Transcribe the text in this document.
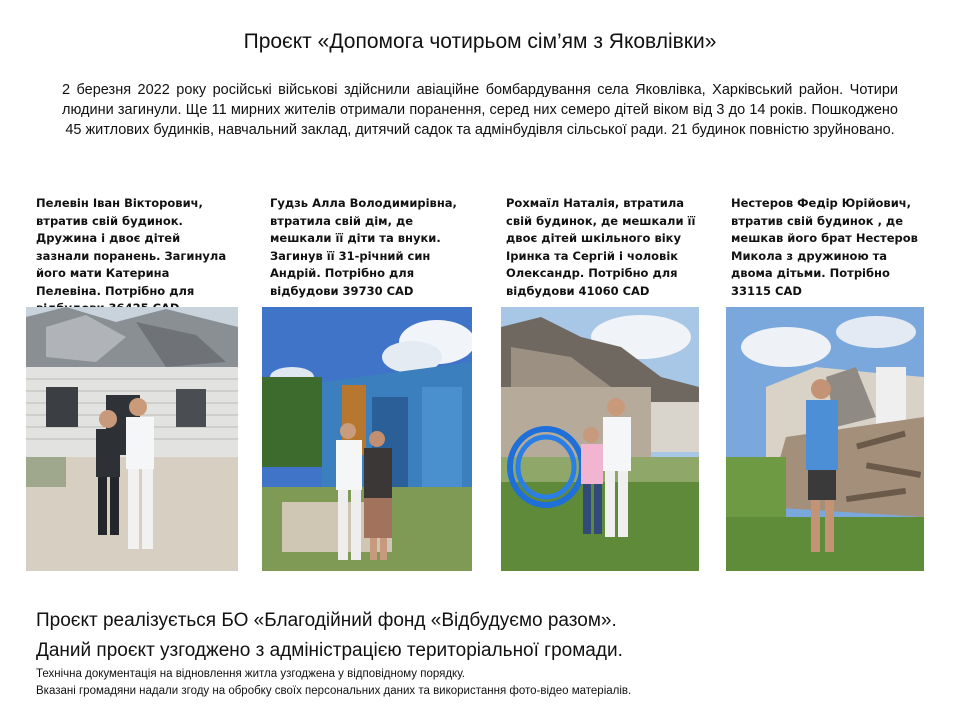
Проєкт «Допомога чотирьом сім’ям з Яковлівки»
2 березня 2022 року російські військові здійснили авіаційне бомбардування села Яковлівка, Харківський район. Чотири людини загинули. Ще 11 мирних жителів отримали поранення, серед них семеро дітей віком від 3 до 14 років. Пошкоджено 45 житлових будинків, навчальний заклад, дитячий садок та адмінбудівля сільської ради. 21 будинок повністю зруйновано.
Пелевін Іван Вікторович, втратив свій будинок. Дружина і двоє дітей зазнали поранень. Загинула його мати Катерина Пелевіна. Потрібно для
Гудзь Алла Володимирівна, втратила свій дім, де мешкали її діти та внуки. Загинув її 31-річний син Андрій. Потрібно для відбудови 39730 CAD
Рохмаїл Наталія, втратила свій будинок, де мешкали її двоє дітей шкільного віку Іринка та Сергій і чоловік Олександр. Потрібно для відбудови 41060 CAD
Нестеров Федір Юрійович, втратив свій будинок , де мешкав його брат Нестеров Микола з дружиною та двома дітьми. Потрібно 33115 CAD
Проєкт реалізується БО «Благодійний фонд «Відбудуємо разом».
Даний проєкт узгоджено з адміністрацією територіальної громади.
Технічна документація на відновлення житла узгоджена у відповідному порядку.
Вказані громадяни надали згоду на обробку своїх персональних даних та використання фото-відео матеріалів.
